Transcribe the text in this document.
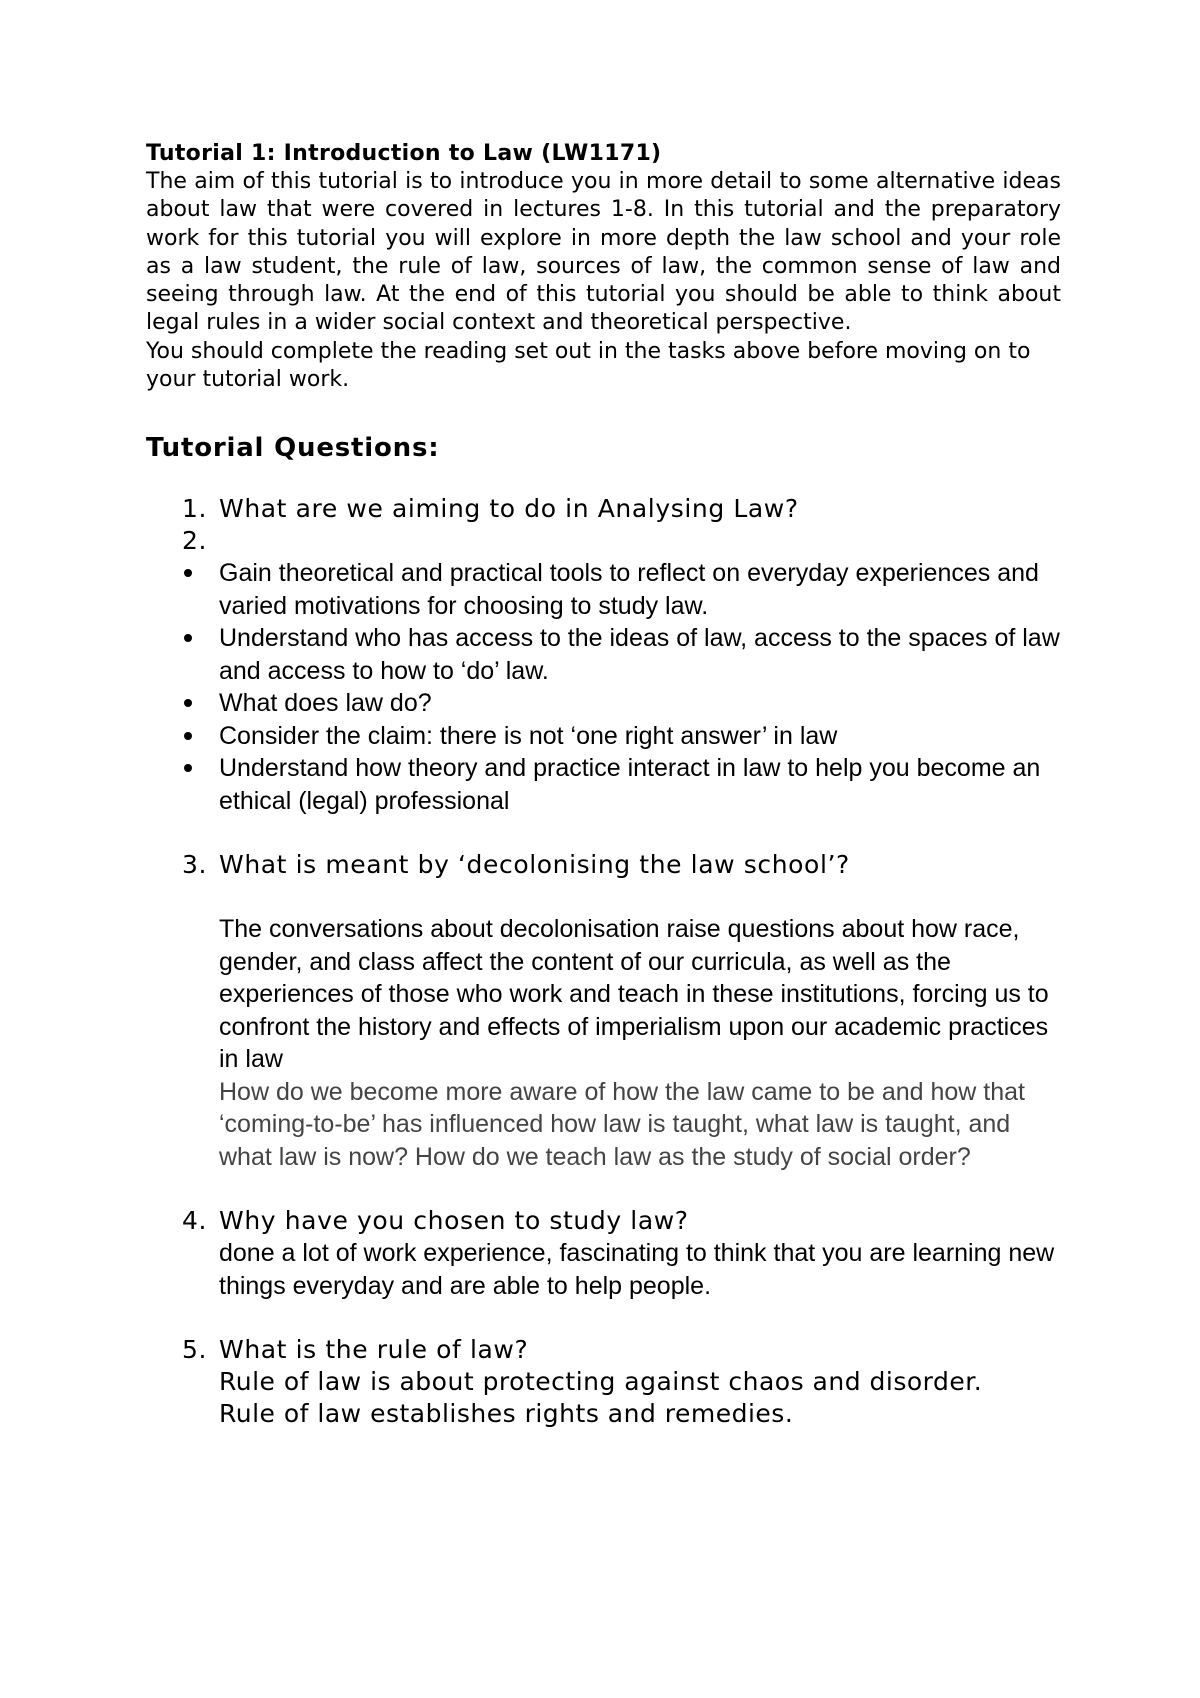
Tutorial 1: Introduction to Law (LW1171)

The aim of this tutorial is to introduce you in more detail to some alternative ideas about law that were covered in lectures 1-8. In this tutorial and the preparatory work for this tutorial you will explore in more depth the law school and your role as a law student, the rule of law, sources of law, the common sense of law and seeing through law. At the end of this tutorial you should be able to think about legal rules in a wider social context and theoretical perspective.

You should complete the reading set out in the tasks above before moving on to your tutorial work.

Tutorial Questions:

1. What are we aiming to do in Analysing Law?
2.
Gain theoretical and practical tools to reflect on everyday experiences and varied motivations for choosing to study law.
Understand who has access to the ideas of law, access to the spaces of law and access to how to ‘do’ law.
What does law do?
Consider the claim: there is not ‘one right answer’ in law
Understand how theory and practice interact in law to help you become an ethical (legal) professional
3. What is meant by ‘decolonising the law school’?

The conversations about decolonisation raise questions about how race, gender, and class affect the content of our curricula, as well as the experiences of those who work and teach in these institutions, forcing us to confront the history and effects of imperialism upon our academic practices in law

How do we become more aware of how the law came to be and how that ‘coming-to-be’ has influenced how law is taught, what law is taught, and what law is now? How do we teach law as the study of social order?

4. Why have you chosen to study law?

done a lot of work experience, fascinating to think that you are learning new things everyday and are able to help people.

5. What is the rule of law?

Rule of law is about protecting against chaos and disorder.

Rule of law establishes rights and remedies.
